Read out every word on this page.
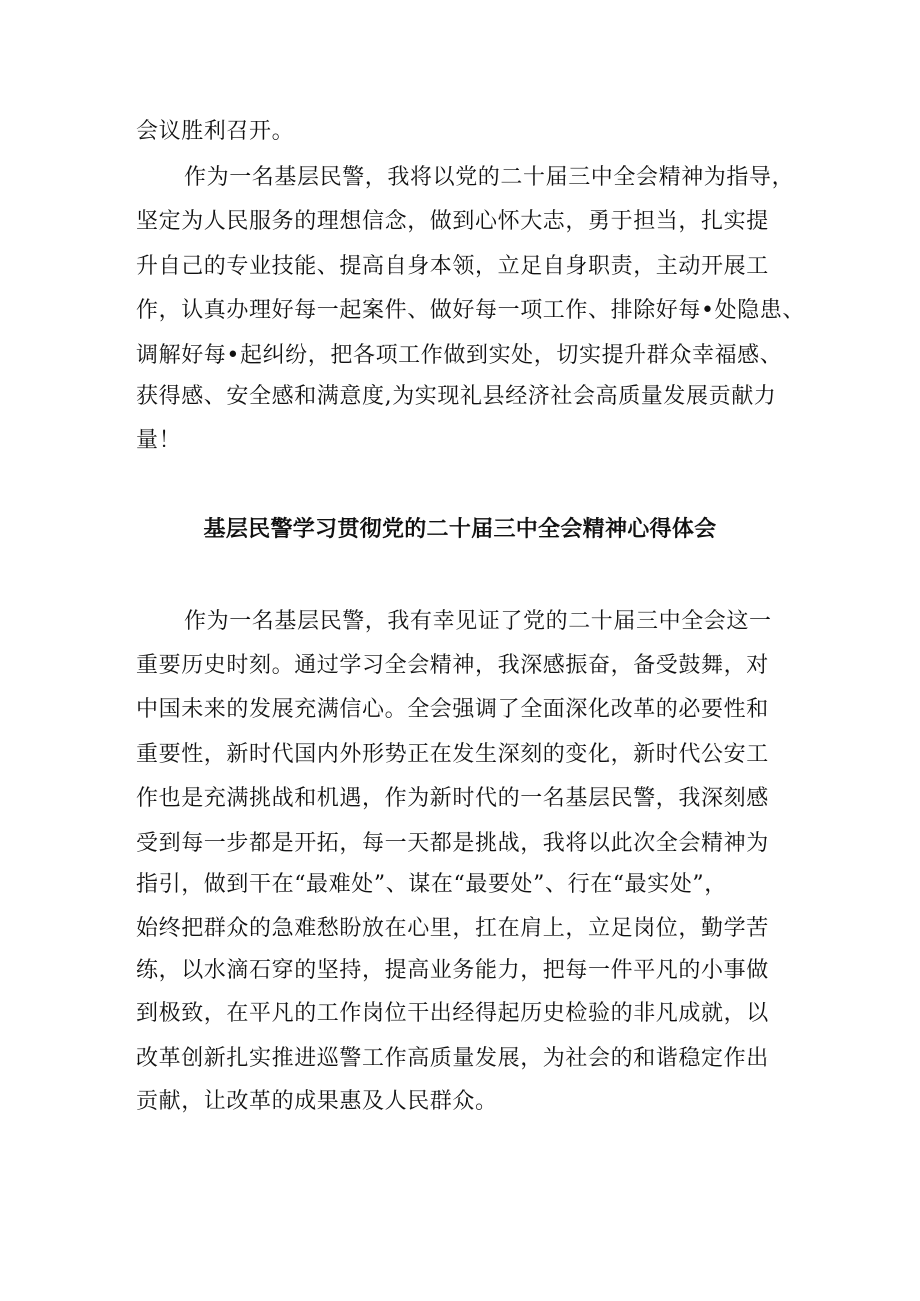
会议胜利召开。
作为一名基层民警，我将以党的二十届三中全会精神为指导，
坚定为人民服务的理想信念，做到心怀大志，勇于担当，扎实提
升自己的专业技能、提高自身本领，立足自身职责，主动开展工
作，认真办理好每一起案件、做好每一项工作、排除好每•处隐患、
调解好每•起纠纷，把各项工作做到实处，切实提升群众幸福感、
获得感、安全感和满意度,为实现礼县经济社会高质量发展贡献力
量！
基层民警学习贯彻党的二十届三中全会精神心得体会
作为一名基层民警，我有幸见证了党的二十届三中全会这一
重要历史时刻。通过学习全会精神，我深感振奋，备受鼓舞，对
中国未来的发展充满信心。全会强调了全面深化改革的必要性和
重要性，新时代国内外形势正在发生深刻的变化，新时代公安工
作也是充满挑战和机遇，作为新时代的一名基层民警，我深刻感
受到每一步都是开拓，每一天都是挑战，我将以此次全会精神为
指引，做到干在“最难处”、谋在“最要处”、行在“最实处”，
始终把群众的急难愁盼放在心里，扛在肩上，立足岗位，勤学苦
练，以水滴石穿的坚持，提高业务能力，把每一件平凡的小事做
到极致，在平凡的工作岗位干出经得起历史检验的非凡成就，以
改革创新扎实推进巡警工作高质量发展，为社会的和谐稳定作出
贡献，让改革的成果惠及人民群众。
